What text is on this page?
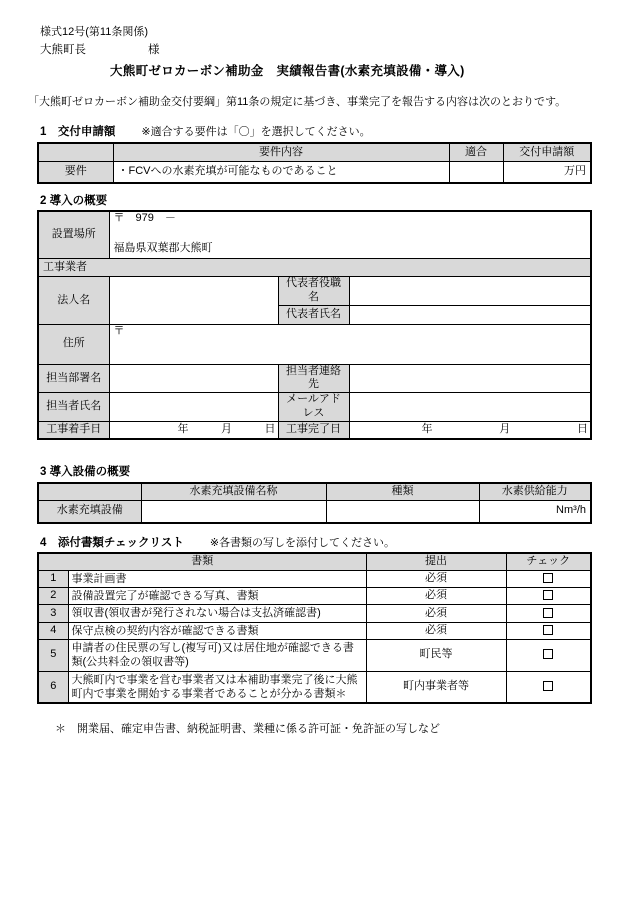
様式12号(第11条関係)
大熊町長	様
大熊町ゼロカーボン補助金　実績報告書(水素充填設備・導入)

「大熊町ゼロカーボン補助金交付要綱」第11条の規定に基づき、事業完了を報告する内容は次のとおりです。

1　交付申請額 ※適合する要件は「〇」を選択してください。
	要件内容	適合	交付申請額
要件	・FCVへの水素充填が可能なものであること		万円
2 導入の概要
設置場所	〒　979　－
福島県双葉郡大熊町		

工事業者			
法人名		代表者役職名	
		代表者氏名	
住所	〒		
担当部署名		担当者連絡先	
担当者氏名		メールアドレス	
工事着手日	年 月 日	工事完了日	年 月 日
3 導入設備の概要
	水素充填設備名称	種類	水素供給能力
水素充填設備			Nm³/h
4　添付書類チェックリスト ※各書類の写しを添付してください。
書類		提出	チェック
1	事業計画書	必須	
2	設備設置完了が確認できる写真、書類	必須	
3	領収書(領収書が発行されない場合は支払済確認書)	必須	
4	保守点検の契約内容が確認できる書類	必須	
5	申請者の住民票の写し(複写可)又は居住地が確認できる書類(公共料金の領収書等)	町民等	
6	大熊町内で事業を営む事業者又は本補助事業完了後に大熊町内で事業を開始する事業者であることが分かる書類＊	町内事業者等	
＊　開業届、確定申告書、納税証明書、業種に係る許可証・免許証の写しなど
